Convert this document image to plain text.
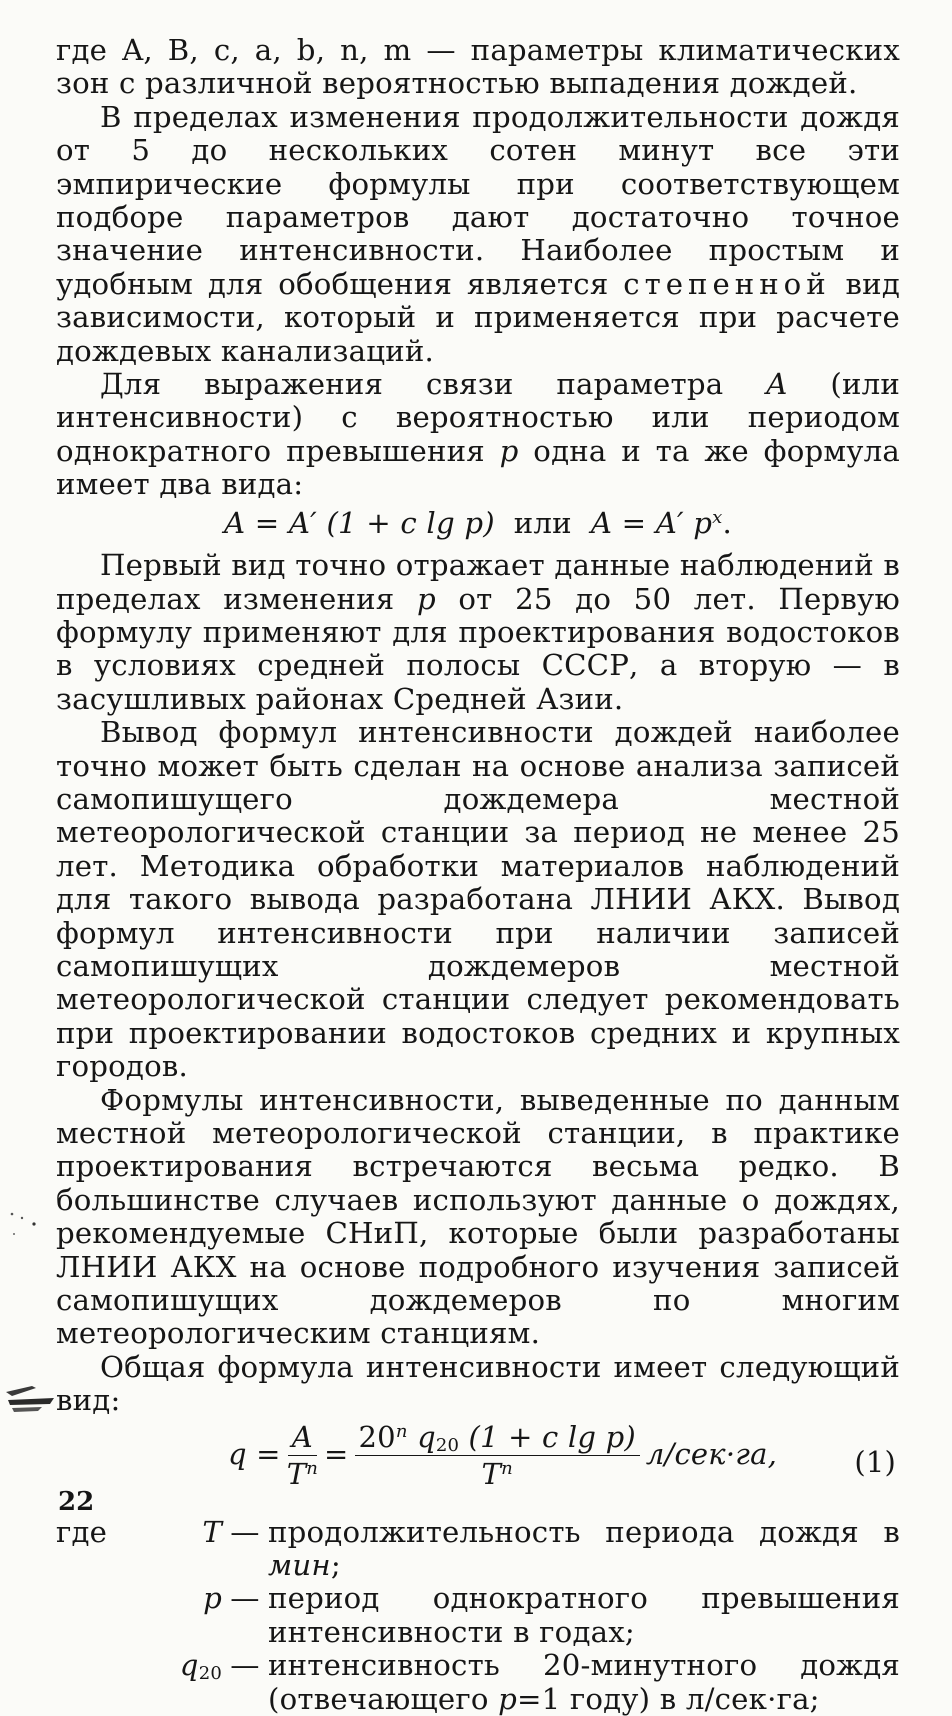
где A, B, c, a, b, n, m — параметры климатических зон с различной вероятностью выпадения дождей.

В пределах изменения продолжительности дождя от 5 до нескольких сотен минут все эти эмпирические формулы при соответствующем подборе параметров дают достаточно точное значение интенсивности. Наиболее простым и удобным для обобщения является степенной вид зависимости, который и применяется при расчете дождевых канализаций.

Для выражения связи параметра A (или интенсивности) с вероятностью или периодом однократного превышения p одна и та же формула имеет два вида:

A = A′ (1 + c lg p) или A = A′ $p^x$.

Первый вид точно отражает данные наблюдений в пределах изменения p от 25 до 50 лет. Первую формулу применяют для проектирования водостоков в условиях средней полосы СССР, а вторую — в засушливых районах Средней Азии.

Вывод формул интенсивности дождей наиболее точно может быть сделан на основе анализа записей самопишущего дождемера местной метеорологической станции за период не менее 25 лет. Методика обработки материалов наблюдений для такого вывода разработана ЛНИИ АКХ. Вывод формул интенсивности при наличии записей самопишущих дождемеров местной метеорологической станции следует рекомендовать при проектировании водостоков средних и крупных городов.

Формулы интенсивности, выведенные по данным местной метеорологической станции, в практике проектирования встречаются весьма редко. В большинстве случаев используют данные о дождях, рекомендуемые СНиП, которые были разработаны ЛНИИ АКХ на основе подробного изучения записей самопишущих дождемеров по многим метеорологическим станциям.

Общая формула интенсивности имеет следующий вид:

$q = \frac{A}{T^n} = \frac{20^n q_{20} (1 + c \lg p)}{T^n} л/сек\cdot га$,	(1)
где	T — продолжительность периода дождя в мин;
p — период однократного превышения интенсивности в годах;
$q_{20}$ — интенсивность 20-минутного дождя (отвечающего p=1 году) в л/сек·га;
22
